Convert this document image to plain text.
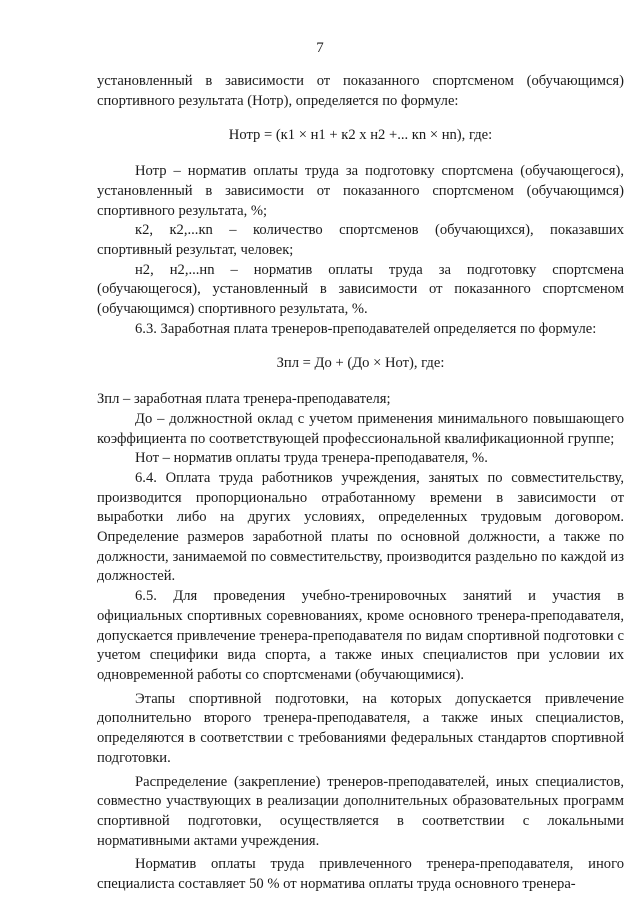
7

установленный в зависимости от показанного спортсменом (обучающимся) спортивного результата (Нотр), определяется по формуле:

Нотр = (к1 × н1 + к2 х н2 +... кn × нn), где:

Нотр – норматив оплаты труда за подготовку спортсмена (обучающегося), установленный в зависимости от показанного спортсменом (обучающимся) спортивного результата, %;

к2, к2,...кn – количество спортсменов (обучающихся), показавших спортивный результат, человек;

н2, н2,...нn – норматив оплаты труда за подготовку спортсмена (обучающегося), установленный в зависимости от показанного спортсменом (обучающимся) спортивного результата, %.

6.3. Заработная плата тренеров-преподавателей определяется по формуле:

Зпл = До + (До × Нот), где:

Зпл – заработная плата тренера-преподавателя;

До – должностной оклад с учетом применения минимального повышающего коэффициента по соответствующей профессиональной квалификационной группе;

Нот – норматив оплаты труда тренера-преподавателя, %.

6.4. Оплата труда работников учреждения, занятых по совместительству, производится пропорционально отработанному времени в зависимости от выработки либо на других условиях, определенных трудовым договором. Определение размеров заработной платы по основной должности, а также по должности, занимаемой по совместительству, производится раздельно по каждой из должностей.

6.5. Для проведения учебно-тренировочных занятий и участия в официальных спортивных соревнованиях, кроме основного тренера-преподавателя, допускается привлечение тренера-преподавателя по видам спортивной подготовки с учетом специфики вида спорта, а также иных специалистов при условии их одновременной работы со спортсменами (обучающимися).

Этапы спортивной подготовки, на которых допускается привлечение дополнительно второго тренера-преподавателя, а также иных специалистов, определяются в соответствии с требованиями федеральных стандартов спортивной подготовки.

Распределение (закрепление) тренеров-преподавателей, иных специалистов, совместно участвующих в реализации дополнительных образовательных программ спортивной подготовки, осуществляется в соответствии с локальными нормативными актами учреждения.

Норматив оплаты труда привлеченного тренера-преподавателя, иного специалиста составляет 50 % от норматива оплаты труда основного тренера-
